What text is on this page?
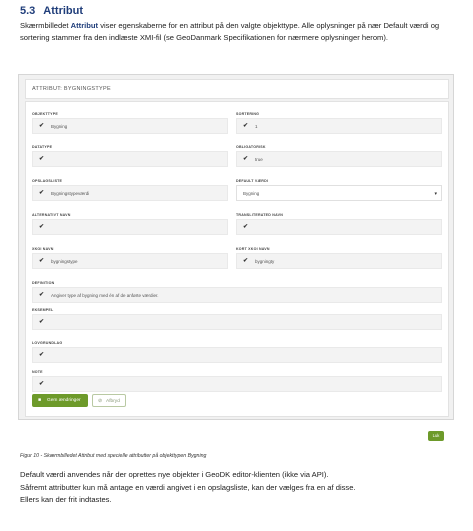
5.3 Attribut
Skærmbilledet Attribut viser egenskaberne for en attribut på den valgte objekttype. Alle oplysninger på nær Default værdi og sortering stammer fra den indlæste XMI-fil (se GeoDanmark Specifikationen for nærmere oplysninger herom).
ATTRIBUT: BYGNINGSTYPE
OBJEKTTYPE
✔ Bygning
SORTERING
✔ 1
DATATYPE
✔
OBLIGATORISK
✔ true
OPSLAGSLISTE
✔ Bygningstypeværdi
DEFAULT VÆRDI
Bygning	▾
ALTERNATIVT NAVN
✔
TRANSLITERATED NAVN
✔
XKOI NAVN
✔ bygningstype
KORT XKOI NAVN
✔ bygningty
DEFINITION
✔ Angiver type af bygning med én af de anførte værdier.
EKSEMPEL
✔
LOVGRUNDLAG
✔
NOTE
✔
■ Gem ændringer	⊘ Afbryd
Luk
Figur 10 - Skærmbilledet Attribut med specielle attributter på objekttypen Bygning
Default værdi anvendes når der oprettes nye objekter i GeoDK editor-klienten (ikke via API).
Såfremt attributter kun må antage en værdi angivet i en opslagsliste, kan der vælges fra en af disse.
Ellers kan der frit indtastes.
